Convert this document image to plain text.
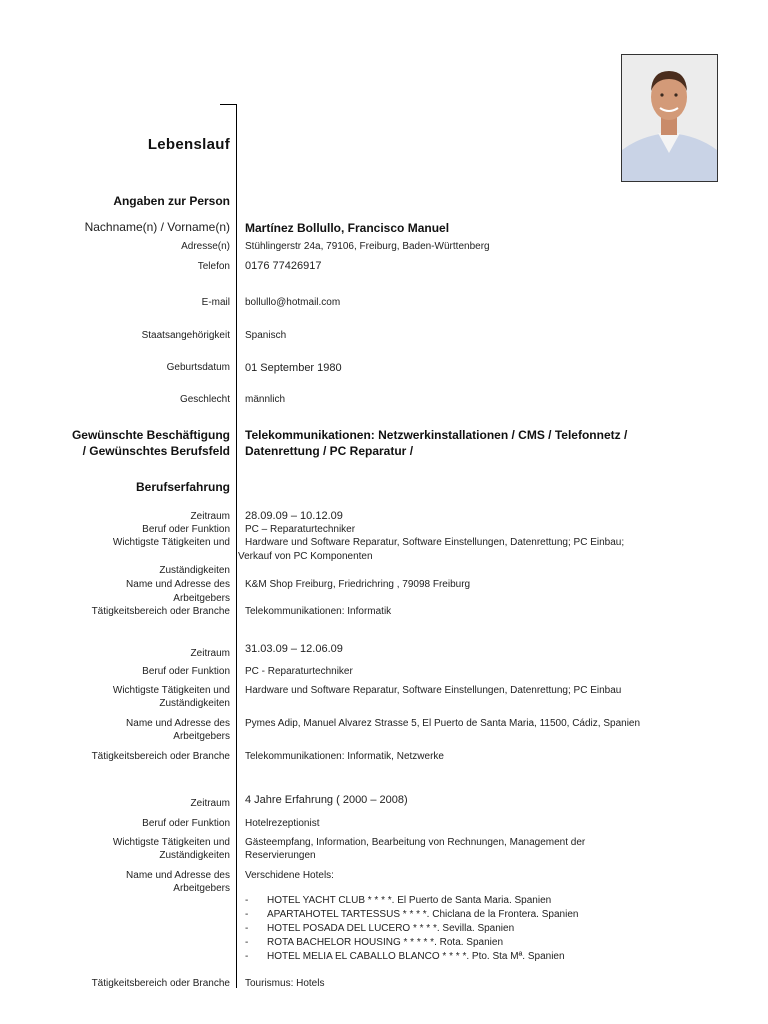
Lebenslauf
Angaben zur Person
Nachname(n) / Vorname(n) Martínez Bollullo, Francisco Manuel
Adresse(n) Stühlingerstr 24a, 79106, Freiburg, Baden-Württenberg
Telefon 0176 77426917
E-mail bollullo@hotmail.com
Staatsangehörigkeit Spanisch
Geburtsdatum 01 September 1980
Geschlecht männlich
Gewünschte Beschäftigung
/ Gewünschtes Berufsfeld
Telekommunikationen: Netzwerkinstallationen / CMS / Telefonnetz /
Datenrettung / PC Reparatur /
Berufserfahrung
Zeitraum 28.09.09 – 10.12.09
Beruf oder Funktion PC – Reparaturtechniker
Wichtigste Tätigkeiten und
Zuständigkeiten
Hardware und Software Reparatur, Software Einstellungen, Datenrettung; PC Einbau;
Verkauf von PC Komponenten
Name und Adresse des
Arbeitgebers
K&M Shop Freiburg, Friedrichring , 79098 Freiburg
Tätigkeitsbereich oder Branche Telekommunikationen: Informatik
Zeitraum 31.03.09 – 12.06.09
Beruf oder Funktion PC - Reparaturtechniker
Wichtigste Tätigkeiten und
Zuständigkeiten
Hardware und Software Reparatur, Software Einstellungen, Datenrettung; PC Einbau
Name und Adresse des
Arbeitgebers
Pymes Adip, Manuel Alvarez Strasse 5, El Puerto de Santa Maria, 11500, Cádiz, Spanien
Tätigkeitsbereich oder Branche Telekommunikationen: Informatik, Netzwerke
Zeitraum 4 Jahre Erfahrung ( 2000 – 2008)
Beruf oder Funktion Hotelrezeptionist
Wichtigste Tätigkeiten und
Zuständigkeiten
Gästeempfang, Information, Bearbeitung von Rechnungen, Management der
Reservierungen
Name und Adresse des
Arbeitgebers
Verschidene Hotels:
- HOTEL YACHT CLUB * * * *. El Puerto de Santa Maria. Spanien
- APARTAHOTEL TARTESSUS * * * *. Chiclana de la Frontera. Spanien
- HOTEL POSADA DEL LUCERO * * * *. Sevilla. Spanien
- ROTA BACHELOR HOUSING * * * * *. Rota. Spanien
- HOTEL MELIA EL CABALLO BLANCO * * * *. Pto. Sta Mª. Spanien
Tätigkeitsbereich oder Branche Tourismus: Hotels
